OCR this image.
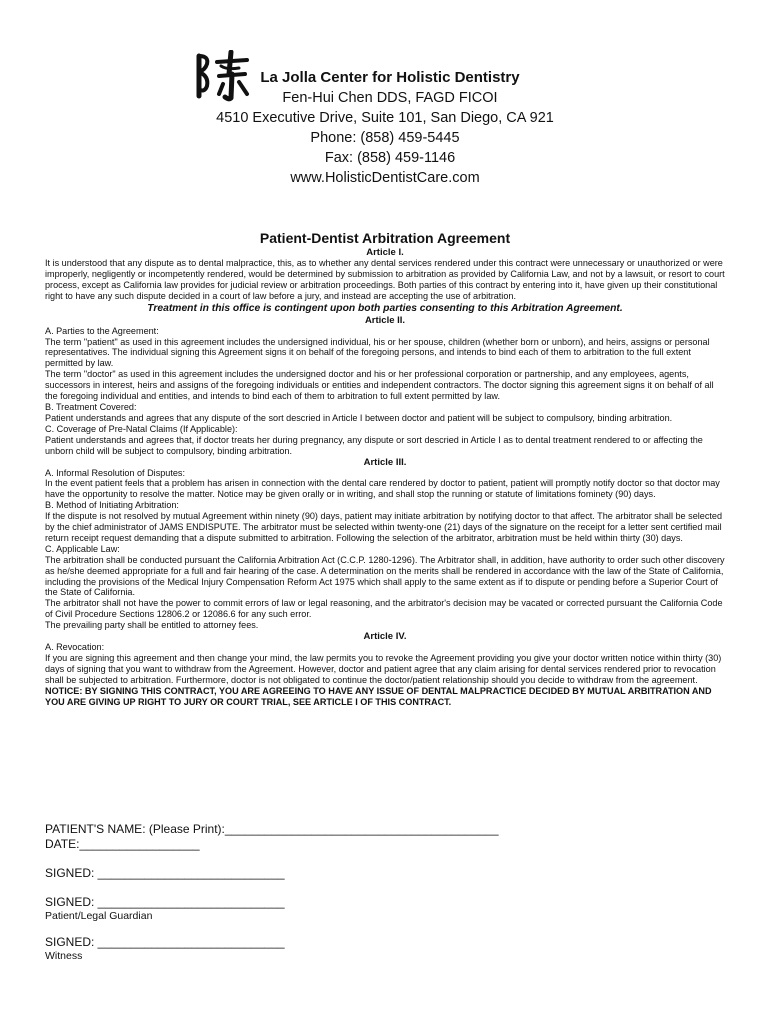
La Jolla Center for Holistic Dentistry
Fen-Hui Chen DDS, FAGD FICOI
4510 Executive Drive, Suite 101, San Diego, CA 921
Phone: (858) 459-5445
Fax: (858) 459-1146
www.HolisticDentistCare.com
Patient-Dentist Arbitration Agreement
Article I.

It is understood that any dispute as to dental malpractice, this, as to whether any dental services rendered under this contract were unnecessary or unauthorized or were improperly, negligently or incompetently rendered, would be determined by submission to arbitration as provided by California Law, and not by a lawsuit, or resort to court process, except as California law provides for judicial review or arbitration proceedings. Both parties of this contract by entering into it, have given up their constitutional right to have any such dispute decided in a court of law before a jury, and instead are accepting the use of arbitration.

Treatment in this office is contingent upon both parties consenting to this Arbitration Agreement.
Article II.

A. Parties to the Agreement:

The term "patient" as used in this agreement includes the undersigned individual, his or her spouse, children (whether born or unborn), and heirs, assigns or personal representatives. The individual signing this Agreement signs it on behalf of the foregoing persons, and intends to bind each of them to arbitration to the full extent permitted by law.

The term "doctor" as used in this agreement includes the undersigned doctor and his or her professional corporation or partnership, and any employees, agents, successors in interest, heirs and assigns of the foregoing individuals or entities and independent contractors. The doctor signing this agreement signs it on behalf of all the foregoing individual and entities, and intends to bind each of them to arbitration to full extent permitted by law.

B. Treatment Covered:

Patient understands and agrees that any dispute of the sort descried in Article I between doctor and patient will be subject to compulsory, binding arbitration.

C. Coverage of Pre-Natal Claims (If Applicable):

Patient understands and agrees that, if doctor treats her during pregnancy, any dispute or sort descried in Article I as to dental treatment rendered to or affecting the unborn child will be subject to compulsory, binding arbitration.

Article III.

A. Informal Resolution of Disputes:

In the event patient feels that a problem has arisen in connection with the dental care rendered by doctor to patient, patient will promptly notify doctor so that doctor may have the opportunity to resolve the matter. Notice may be given orally or in writing, and shall stop the running or statute of limitations fominety (90) days.

B. Method of Initiating Arbitration:

If the dispute is not resolved by mutual Agreement within ninety (90) days, patient may initiate arbitration by notifying doctor to that affect. The arbitrator shall be selected by the chief administrator of JAMS ENDISPUTE. The arbitrator must be selected within twenty-one (21) days of the signature on the receipt for a letter sent certified mail return receipt request demanding that a dispute submitted to arbitration. Following the selection of the arbitrator, arbitration must be held within thirty (30) days.

C. Applicable Law:

The arbitration shall be conducted pursuant the California Arbitration Act (C.C.P. 1280-1296). The Arbitrator shall, in addition, have authority to order such other discovery as he/she deemed appropriate for a full and fair hearing of the case. A determination on the merits shall be rendered in accordance with the law of the State of California, including the provisions of the Medical Injury Compensation Reform Act 1975 which shall apply to the same extent as if to dispute or pending before a Superior Court of the State of California.

The arbitrator shall not have the power to commit errors of law or legal reasoning, and the arbitrator's decision may be vacated or corrected pursuant the California Code of Civil Procedure Sections 12806.2 or 12086.6 for any such error.

The prevailing party shall be entitled to attorney fees.

Article IV.

A. Revocation:

If you are signing this agreement and then change your mind, the law permits you to revoke the Agreement providing you give your doctor written notice within thirty (30) days of signing that you want to withdraw from the Agreement. However, doctor and patient agree that any claim arising for dental services rendered prior to revocation shall be subjected to arbitration. Furthermore, doctor is not obligated to continue the doctor/patient relationship should you decide to withdraw from the agreement.

NOTICE: BY SIGNING THIS CONTRACT, YOU ARE AGREEING TO HAVE ANY ISSUE OF DENTAL MALPRACTICE DECIDED BY MUTUAL ARBITRATION AND YOU ARE GIVING UP RIGHT TO JURY OR COURT TRIAL, SEE ARTICLE I OF THIS CONTRACT.

PATIENT'S NAME: (Please Print):_________________________________________
DATE:__________________
SIGNED: ____________________________
SIGNED: ____________________________
Patient/Legal Guardian
SIGNED: ____________________________
Witness
